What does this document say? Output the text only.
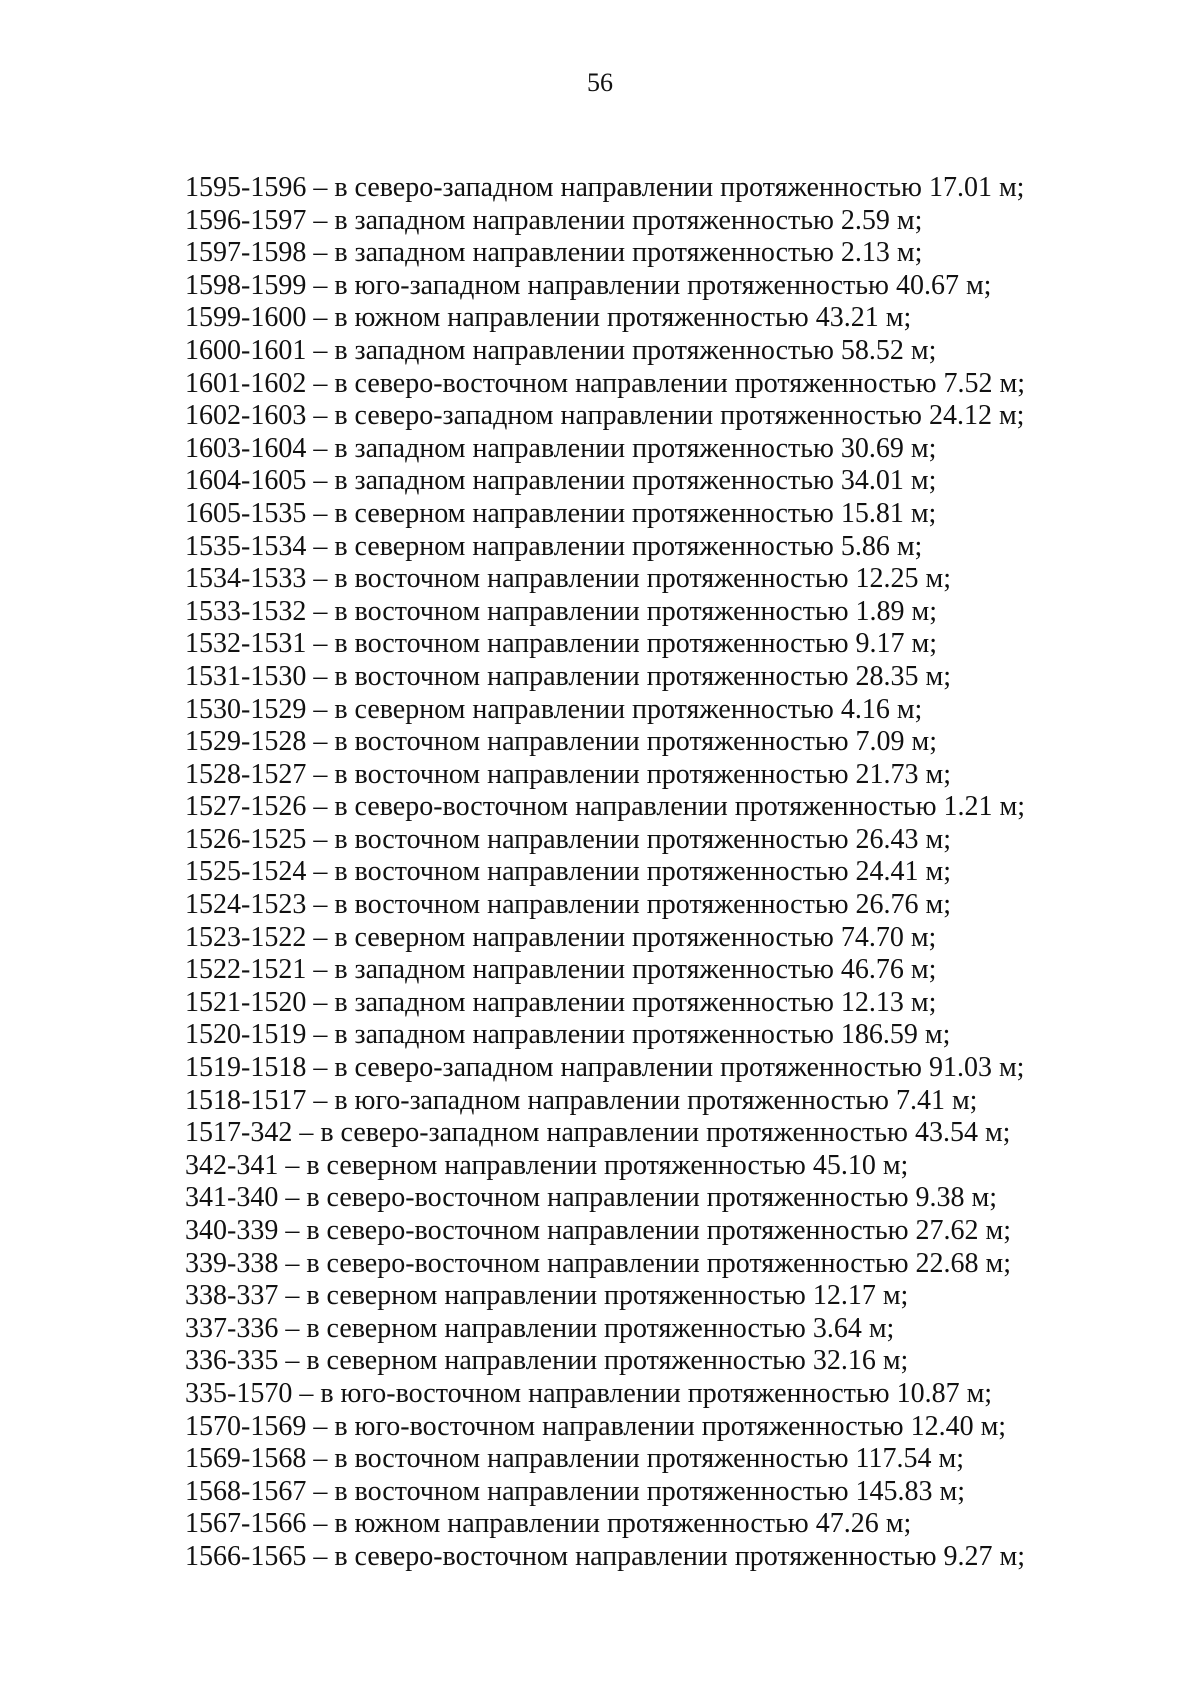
56
1595-1596 – в северо-западном направлении протяженностью 17.01 м;
1596-1597 – в западном направлении протяженностью 2.59 м;
1597-1598 – в западном направлении протяженностью 2.13 м;
1598-1599 – в юго-западном направлении протяженностью 40.67 м;
1599-1600 – в южном направлении протяженностью 43.21 м;
1600-1601 – в западном направлении протяженностью 58.52 м;
1601-1602 – в северо-восточном направлении протяженностью 7.52 м;
1602-1603 – в северо-западном направлении протяженностью 24.12 м;
1603-1604 – в западном направлении протяженностью 30.69 м;
1604-1605 – в западном направлении протяженностью 34.01 м;
1605-1535 – в северном направлении протяженностью 15.81 м;
1535-1534 – в северном направлении протяженностью 5.86 м;
1534-1533 – в восточном направлении протяженностью 12.25 м;
1533-1532 – в восточном направлении протяженностью 1.89 м;
1532-1531 – в восточном направлении протяженностью 9.17 м;
1531-1530 – в восточном направлении протяженностью 28.35 м;
1530-1529 – в северном направлении протяженностью 4.16 м;
1529-1528 – в восточном направлении протяженностью 7.09 м;
1528-1527 – в восточном направлении протяженностью 21.73 м;
1527-1526 – в северо-восточном направлении протяженностью 1.21 м;
1526-1525 – в восточном направлении протяженностью 26.43 м;
1525-1524 – в восточном направлении протяженностью 24.41 м;
1524-1523 – в восточном направлении протяженностью 26.76 м;
1523-1522 – в северном направлении протяженностью 74.70 м;
1522-1521 – в западном направлении протяженностью 46.76 м;
1521-1520 – в западном направлении протяженностью 12.13 м;
1520-1519 – в западном направлении протяженностью 186.59 м;
1519-1518 – в северо-западном направлении протяженностью 91.03 м;
1518-1517 – в юго-западном направлении протяженностью 7.41 м;
1517-342 – в северо-западном направлении протяженностью 43.54 м;
342-341 – в северном направлении протяженностью 45.10 м;
341-340 – в северо-восточном направлении протяженностью 9.38 м;
340-339 – в северо-восточном направлении протяженностью 27.62 м;
339-338 – в северо-восточном направлении протяженностью 22.68 м;
338-337 – в северном направлении протяженностью 12.17 м;
337-336 – в северном направлении протяженностью 3.64 м;
336-335 – в северном направлении протяженностью 32.16 м;
335-1570 – в юго-восточном направлении протяженностью 10.87 м;
1570-1569 – в юго-восточном направлении протяженностью 12.40 м;
1569-1568 – в восточном направлении протяженностью 117.54 м;
1568-1567 – в восточном направлении протяженностью 145.83 м;
1567-1566 – в южном направлении протяженностью 47.26 м;
1566-1565 – в северо-восточном направлении протяженностью 9.27 м;
